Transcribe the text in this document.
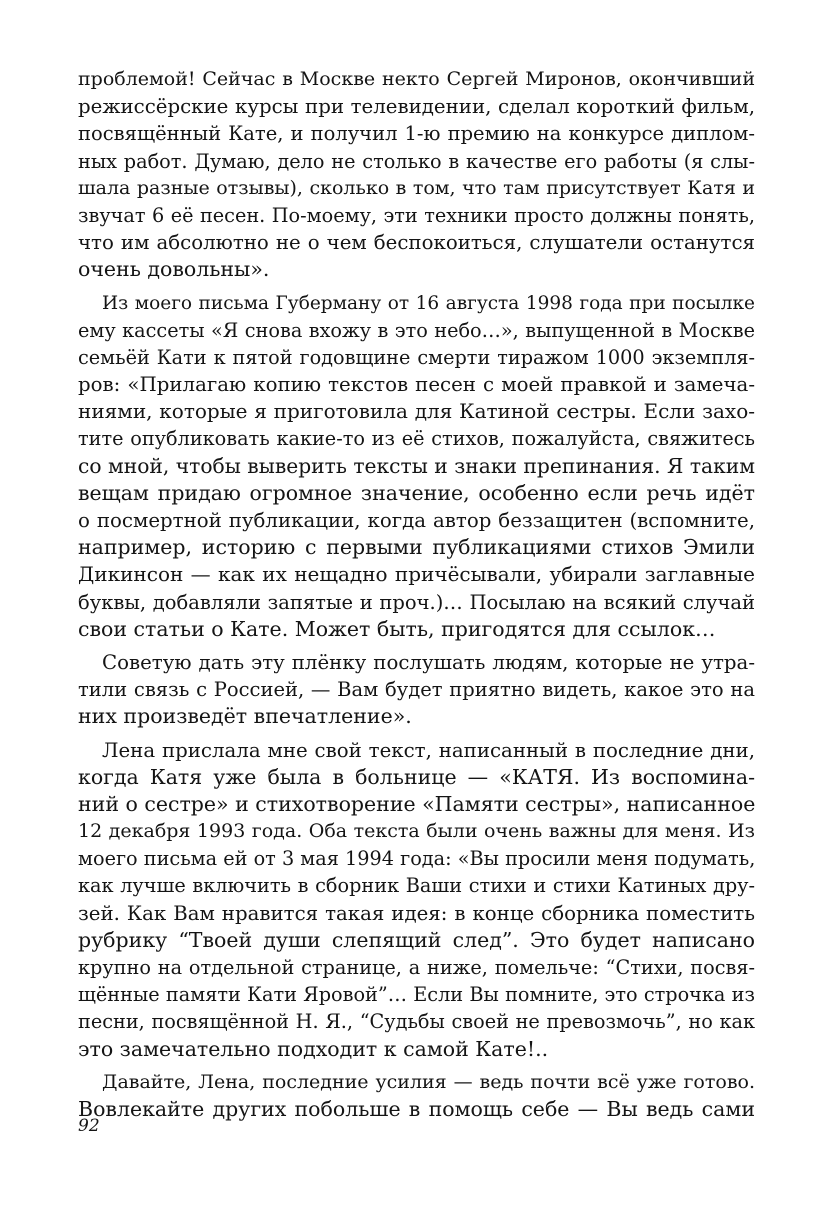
проблемой! Сейчас в Москве некто Сергей Миронов, окончивший
режиссёрские курсы при телевидении, сделал короткий фильм,
посвящённый Кате, и получил 1-ю премию на конкурсе диплом-
ных работ. Думаю, дело не столько в качестве его работы (я слы-
шала разные отзывы), сколько в том, что там присутствует Катя и
звучат 6 её песен. По-моему, эти техники просто должны понять,
что им абсолютно не о чем беспокоиться, слушатели останутся
очень довольны».
Из моего письма Губерману от 16 августа 1998 года при посылке
ему кассеты «Я снова вхожу в это небо…», выпущенной в Москве
семьёй Кати к пятой годовщине смерти тиражом 1000 экземпля-
ров: «Прилагаю копию текстов песен с моей правкой и замеча-
ниями, которые я приготовила для Катиной сестры. Если захо-
тите опубликовать какие-то из её стихов, пожалуйста, свяжитесь
со мной, чтобы выверить тексты и знаки препинания. Я таким
вещам придаю огромное значение, особенно если речь идёт
о посмертной публикации, когда автор беззащитен (вспомните,
например, историю с первыми публикациями стихов Эмили
Дикинсон — как их нещадно причёсывали, убирали заглавные
буквы, добавляли запятые и проч.)… Посылаю на всякий случай
свои статьи о Кате. Может быть, пригодятся для ссылок…
Советую дать эту плёнку послушать людям, которые не утра-
тили связь с Россией, — Вам будет приятно видеть, какое это на
них произведёт впечатление».
Лена прислала мне свой текст, написанный в последние дни,
когда Катя уже была в больнице — «КАТЯ. Из воспомина-
ний о сестре» и стихотворение «Памяти сестры», написанное
12 декабря 1993 года. Оба текста были очень важны для меня. Из
моего письма ей от 3 мая 1994 года: «Вы просили меня подумать,
как лучше включить в сборник Ваши стихи и стихи Катиных дру-
зей. Как Вам нравится такая идея: в конце сборника поместить
рубрику “Твоей души слепящий след”. Это будет написано
крупно на отдельной странице, а ниже, помельче: “Стихи, посвя-
щённые памяти Кати Яровой”… Если Вы помните, это строчка из
песни, посвящённой Н. Я., “Судьбы своей не превозмочь”, но как
это замечательно подходит к самой Кате!..
Давайте, Лена, последние усилия — ведь почти всё уже готово.
Вовлекайте других побольше в помощь себе — Вы ведь сами
92
